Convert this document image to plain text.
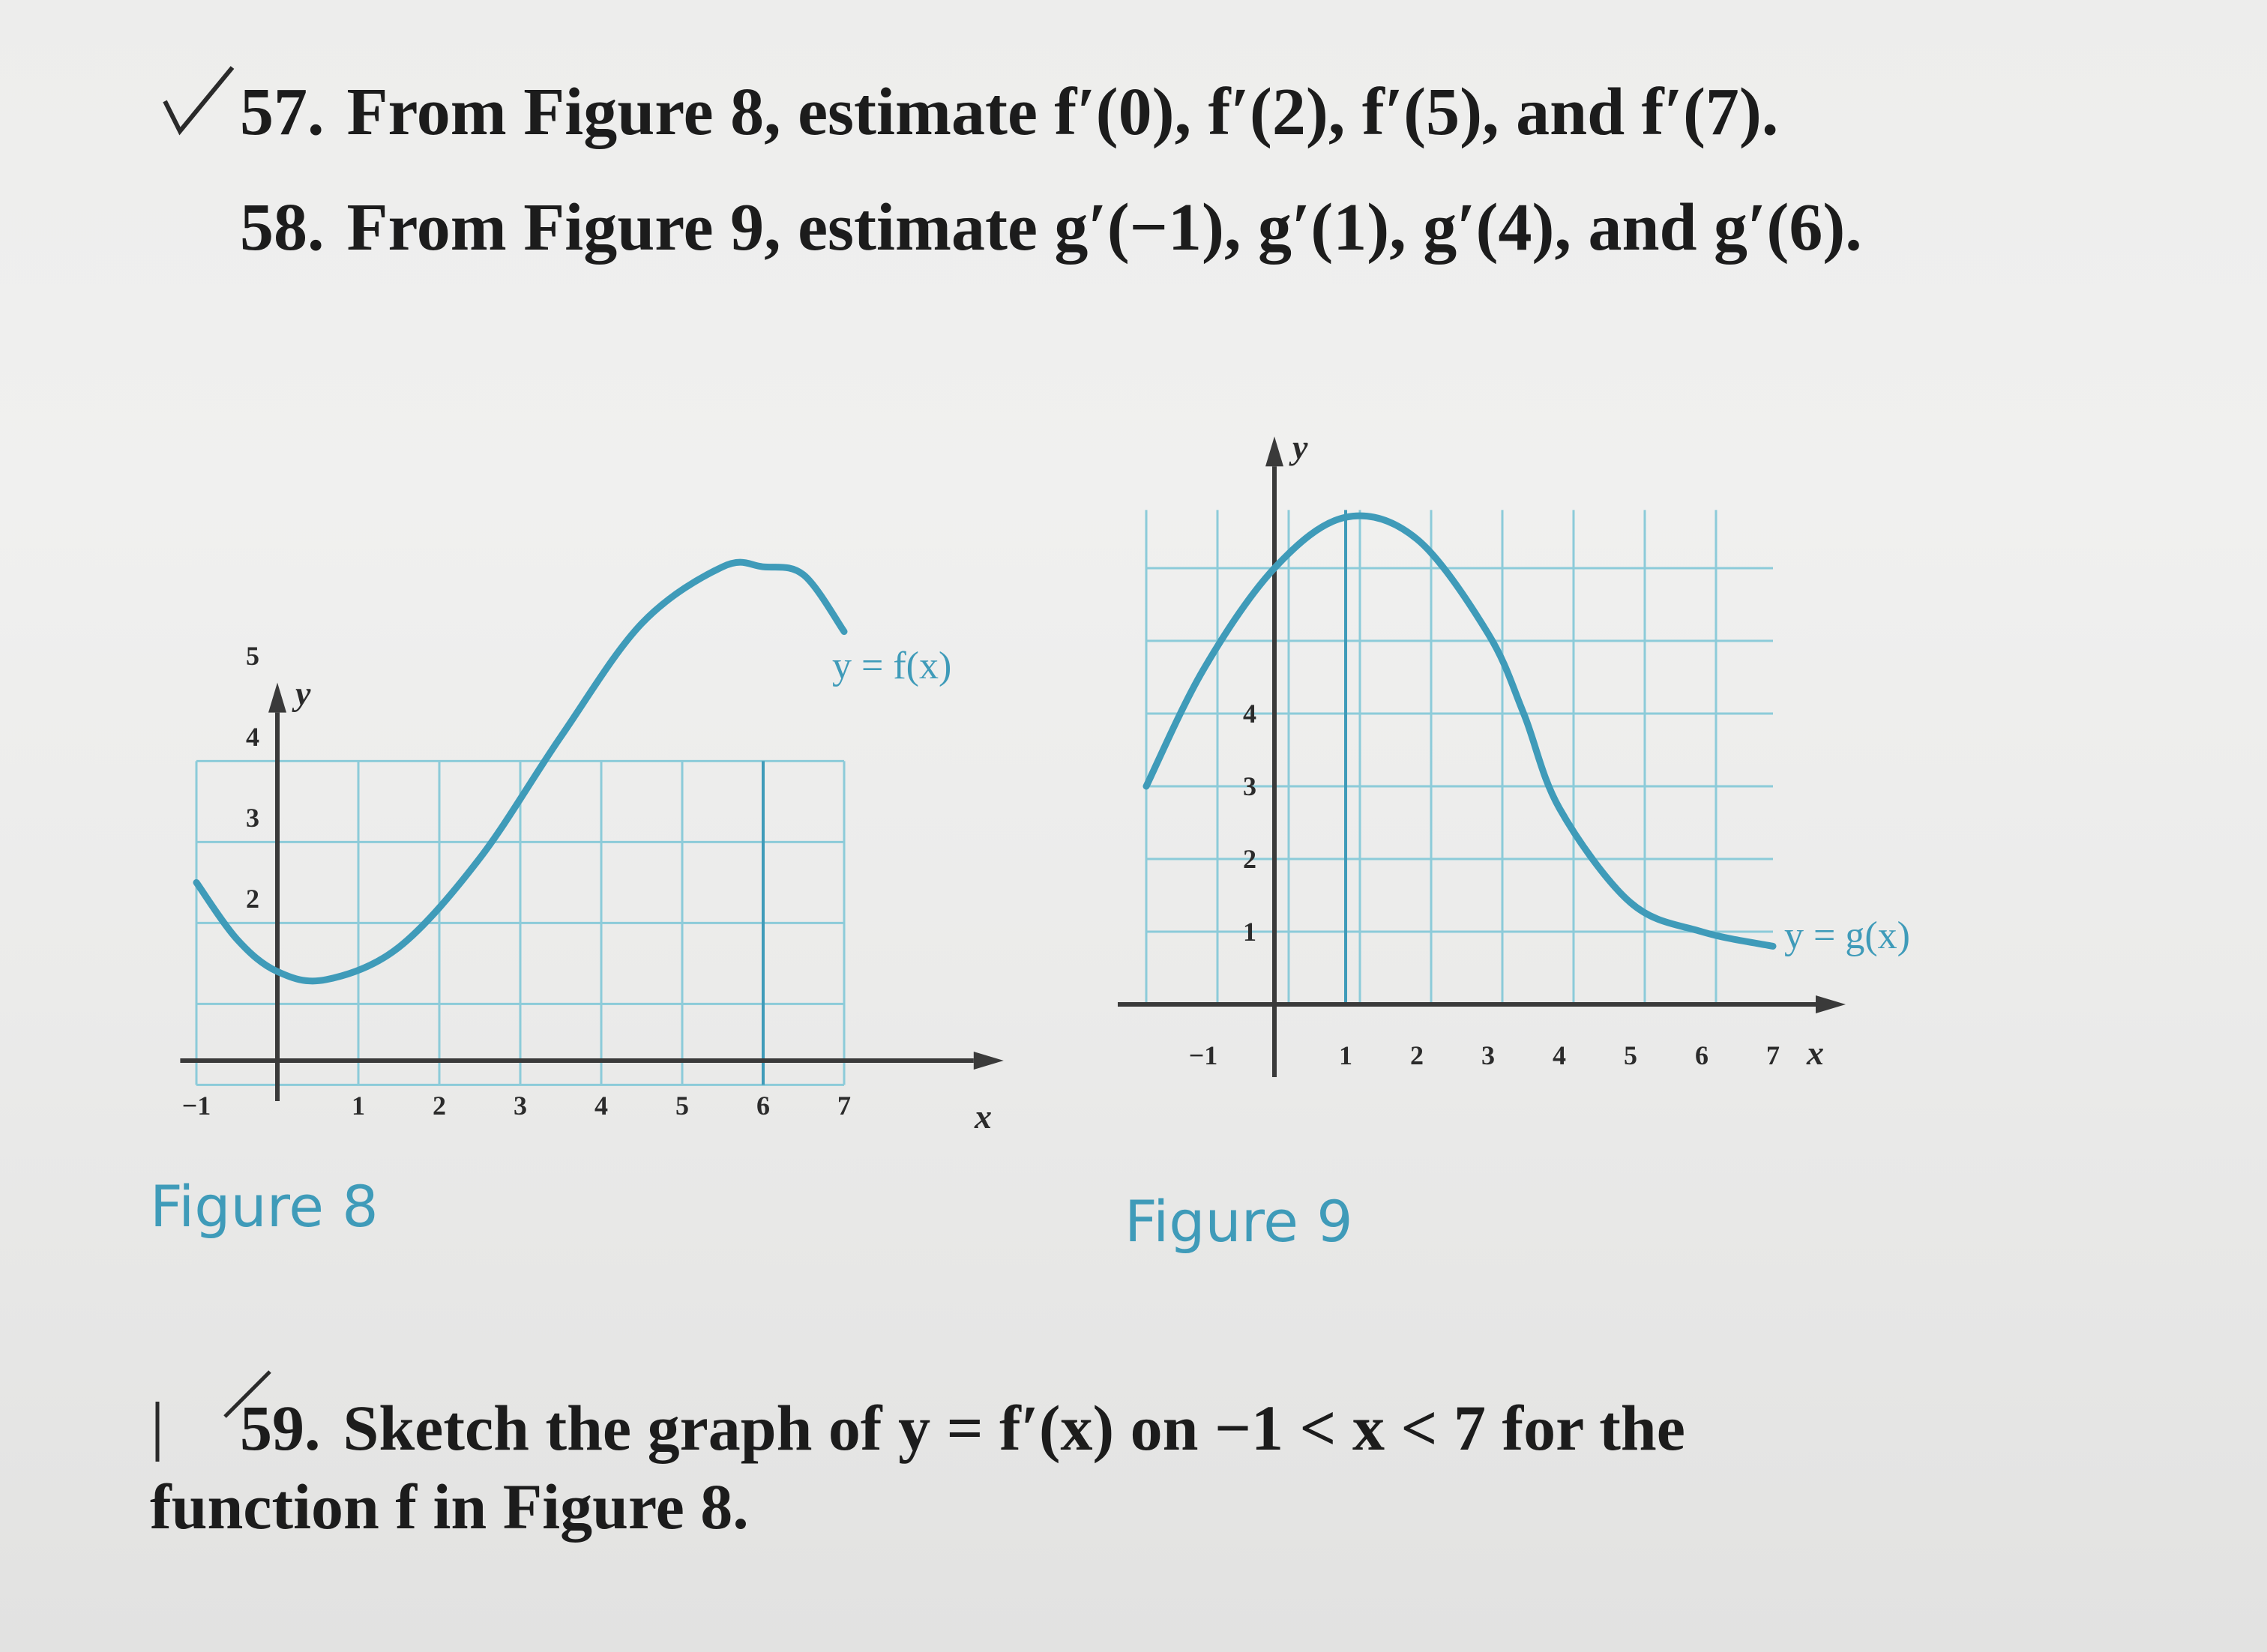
57. From Figure 8, estimate f′(0), f′(2), f′(5), and f′(7).
58. From Figure 9, estimate g′(−1), g′(1), g′(4), and g′(6).
y
x
−1	1	2	3	4	5	6	7
2
3
4
5	y = f(x)
Figure 8
y
x
−1	1 2 3 4 5 6 7
1
2
3
4
y = g(x)
Figure 9
59. Sketch the graph of y = f′(x) on −1 < x < 7 for the
function f in Figure 8.
